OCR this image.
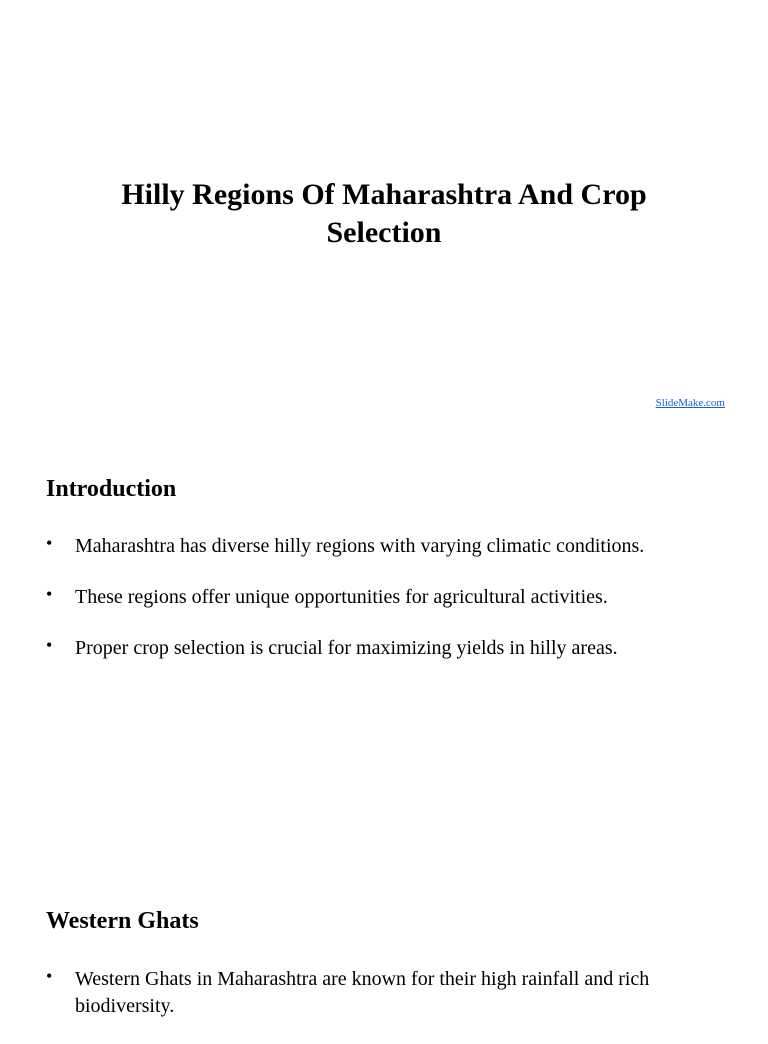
Hilly Regions Of Maharashtra And Crop Selection
SlideMake.com
Introduction
• Maharashtra has diverse hilly regions with varying climatic conditions.
• These regions offer unique opportunities for agricultural activities.
• Proper crop selection is crucial for maximizing yields in hilly areas.
Western Ghats
• Western Ghats in Maharashtra are known for their high rainfall and rich biodiversity.
